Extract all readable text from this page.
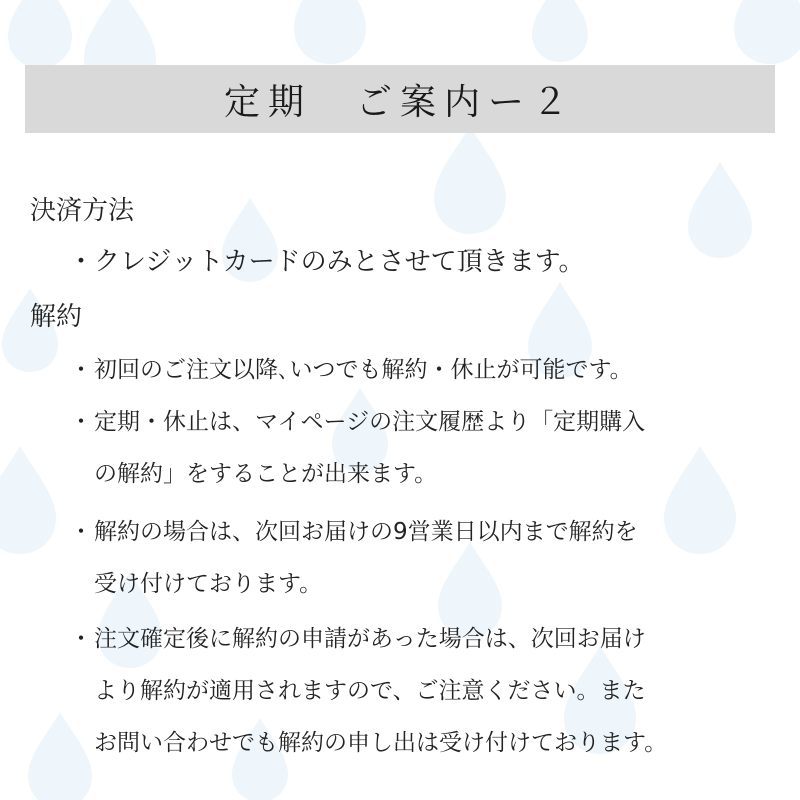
定期　ご案内ー２
決済方法
・ クレジットカードのみとさせて頂きます。
解約
・ 初回のご注文以降､いつでも解約・休止が可能です。
・ 定期・休止は、マイページの注文履歴より「定期購入
の解約」をすることが出来ます。
・ 解約の場合は、次回お届けの9営業日以内まで解約を
受け付けております。
・ 注文確定後に解約の申請があった場合は、次回お届け
より解約が適用されますので、ご注意ください。また
お問い合わせでも解約の申し出は受け付けております。
